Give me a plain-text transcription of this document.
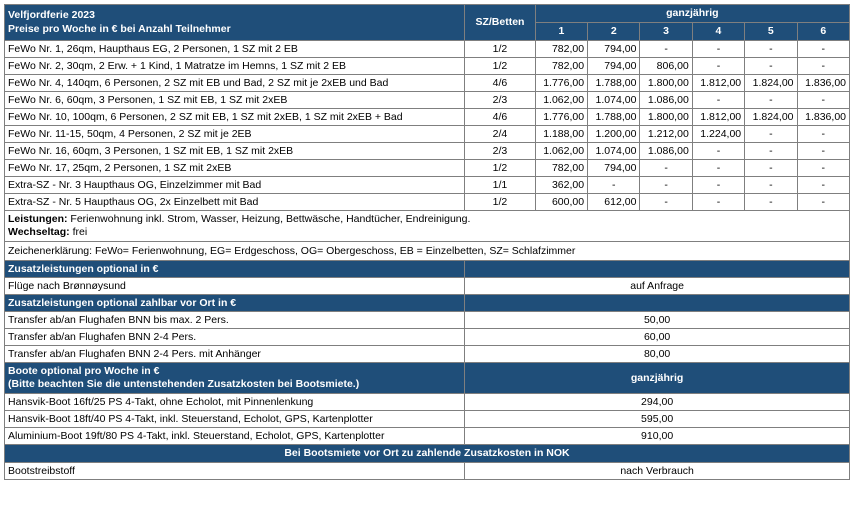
Velfjordferie 2023
Preise pro Woche in € bei Anzahl Teilnehmer	SZ/Betten	ganzjährig					
		1	2	3	4	5	6
FeWo Nr. 1, 26qm, Haupthaus EG, 2 Personen, 1 SZ mit 2 EB	1/2	782,00	794,00	-	-	-	-
FeWo Nr. 2, 30qm, 2 Erw. + 1 Kind, 1 Matratze im Hemns, 1 SZ mit 2 EB	1/2	782,00	794,00	806,00	-	-	-
FeWo Nr. 4, 140qm, 6 Personen, 2 SZ mit EB und Bad, 2 SZ mit je 2xEB und Bad	4/6	1.776,00	1.788,00	1.800,00	1.812,00	1.824,00	1.836,00
FeWo Nr. 6, 60qm, 3 Personen, 1 SZ mit EB, 1 SZ mit 2xEB	2/3	1.062,00	1.074,00	1.086,00	-	-	-
FeWo Nr. 10, 100qm, 6 Personen, 2 SZ mit EB, 1 SZ mit 2xEB, 1 SZ mit 2xEB + Bad	4/6	1.776,00	1.788,00	1.800,00	1.812,00	1.824,00	1.836,00
FeWo Nr. 11-15, 50qm, 4 Personen, 2 SZ mit je 2EB	2/4	1.188,00	1.200,00	1.212,00	1.224,00	-	-
FeWo Nr. 16, 60qm, 3 Personen, 1 SZ mit EB, 1 SZ mit 2xEB	2/3	1.062,00	1.074,00	1.086,00	-	-	-
FeWo Nr. 17, 25qm, 2 Personen, 1 SZ mit 2xEB	1/2	782,00	794,00	-	-	-	-
Extra-SZ - Nr. 3 Haupthaus OG, Einzelzimmer mit Bad	1/1	362,00	-	-	-	-	-
Extra-SZ - Nr. 5 Haupthaus OG, 2x Einzelbett mit Bad	1/2	600,00	612,00	-	-	-	-

Leistungen: Ferienwohnung inkl. Strom, Wasser, Heizung, Bettwäsche, Handtücher, Endreinigung.
Wechseltag: frei							

Zeichenerklärung: FeWo= Ferienwohnung, EG= Erdgeschoss, OG= Obergeschoss, EB = Einzelbetten, SZ= Schlafzimmer							
Zusatzleistungen optional in €							
Flüge nach Brønnøysund	auf Anfrage						
Zusatzleistungen optional zahlbar vor Ort in €							
Transfer ab/an Flughafen BNN bis max. 2 Pers.	50,00						
Transfer ab/an Flughafen BNN 2-4 Pers.	60,00						
Transfer ab/an Flughafen BNN 2-4 Pers. mit Anhänger	80,00						

Boote optional pro Woche in €
(Bitte beachten Sie die untenstehenden Zusatzkosten bei Bootsmiete.)	ganzjährig						
Hansvik-Boot 16ft/25 PS 4-Takt, ohne Echolot, mit Pinnenlenkung	294,00						
Hansvik-Boot 18ft/40 PS 4-Takt, inkl. Steuerstand, Echolot, GPS, Kartenplotter	595,00						
Aluminium-Boot 19ft/80 PS 4-Takt, inkl. Steuerstand, Echolot, GPS, Kartenplotter	910,00						
Bei Bootsmiete vor Ort zu zahlende Zusatzkosten in NOK							
Bootstreibstoff	nach Verbrauch						
